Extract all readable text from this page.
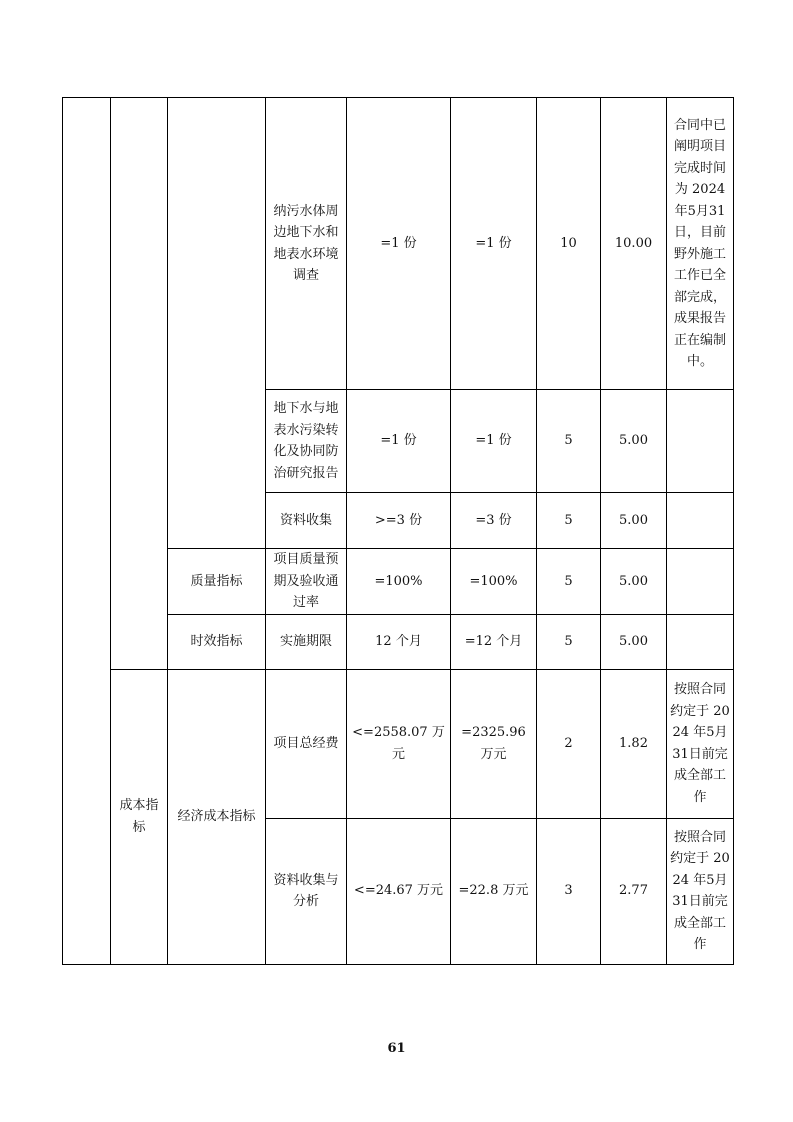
			纳污水体周边地下水和地表水环境调查	=1 份	=1 份	10	10.00	合同中已阐明项目完成时间为 2024 年5月31日，目前野外施工工作已全部完成，成果报告正在编制中。
			地下水与地表水污染转化及协同防治研究报告	=1 份	=1 份	5	5.00	
			资料收集	>=3 份	=3 份	5	5.00	
		质量指标	项目质量预期及验收通过率	=100%	=100%	5	5.00	
		时效指标	实施期限	12 个月	=12 个月	5	5.00	
	成本指标	经济成本指标	项目总经费	<=2558.07 万元	=2325.96 万元	2	1.82	按照合同约定于 2024 年5月31日前完成全部工作
			资料收集与分析	<=24.67 万元	=22.8 万元	3	2.77	按照合同约定于 2024 年5月31日前完成全部工作
61
